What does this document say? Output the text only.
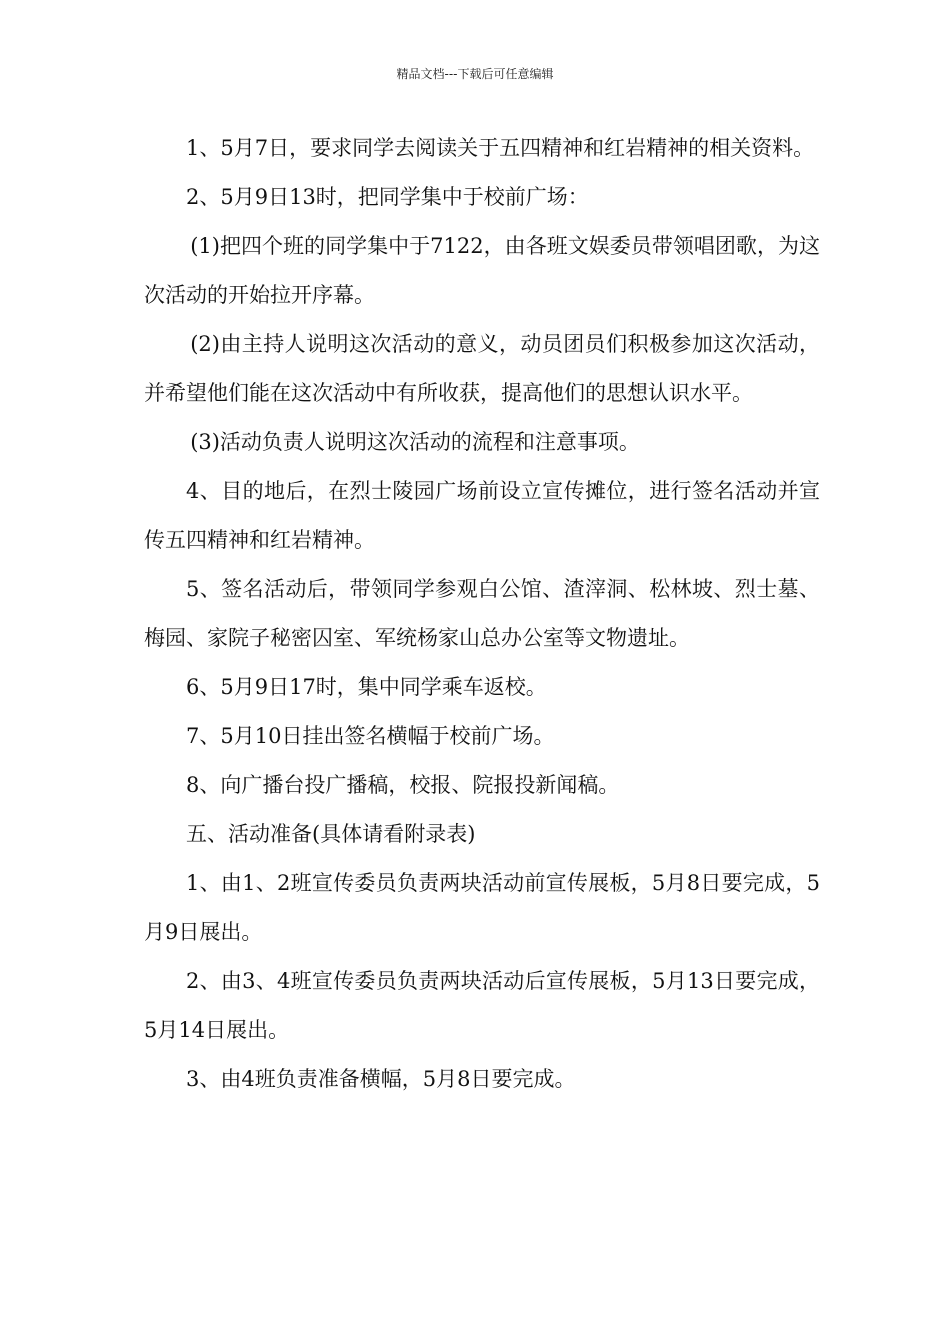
精品文档---下载后可任意编辑

1、5月7日，要求同学去阅读关于五四精神和红岩精神的相关资料。

2、5月9日13时，把同学集中于校前广场：

(1)把四个班的同学集中于7122，由各班文娱委员带领唱团歌，为这次活动的开始拉开序幕。

(2)由主持人说明这次活动的意义，动员团员们积极参加这次活动，并希望他们能在这次活动中有所收获，提高他们的思想认识水平。

(3)活动负责人说明这次活动的流程和注意事项。

4、目的地后，在烈士陵园广场前设立宣传摊位，进行签名活动并宣传五四精神和红岩精神。

5、签名活动后，带领同学参观白公馆、渣滓洞、松林坡、烈士墓、梅园、家院子秘密囚室、军统杨家山总办公室等文物遗址。

6、5月9日17时，集中同学乘车返校。

7、5月10日挂出签名横幅于校前广场。

8、向广播台投广播稿，校报、院报投新闻稿。

五、活动准备(具体请看附录表)

1、由1、2班宣传委员负责两块活动前宣传展板，5月8日要完成，5月9日展出。

2、由3、4班宣传委员负责两块活动后宣传展板，5月13日要完成，5月14日展出。

3、由4班负责准备横幅，5月8日要完成。
